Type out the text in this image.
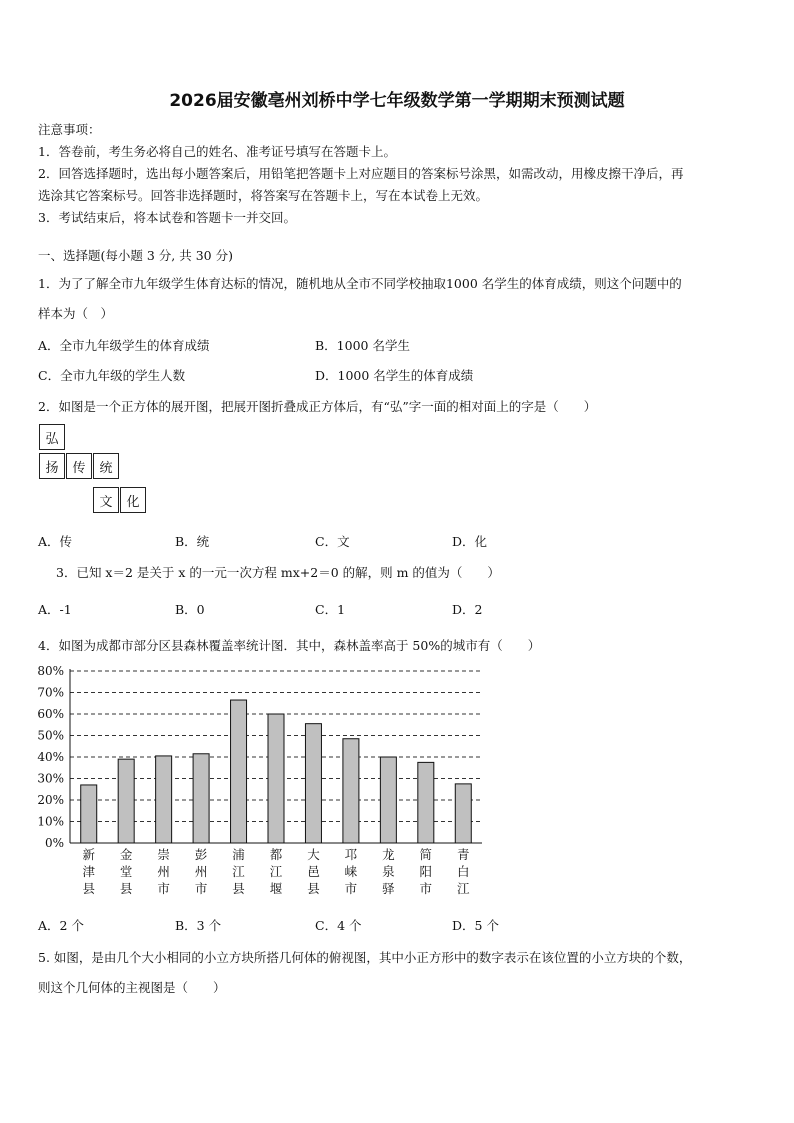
2026届安徽亳州刘桥中学七年级数学第一学期期末预测试题
注意事项：
1．答卷前，考生务必将自己的姓名、准考证号填写在答题卡上。
2．回答选择题时，选出每小题答案后，用铅笔把答题卡上对应题目的答案标号涂黑，如需改动，用橡皮擦干净后，再
选涂其它答案标号。回答非选择题时，将答案写在答题卡上，写在本试卷上无效。
3．考试结束后，将本试卷和答题卡一并交回。
一、选择题(每小题 3 分, 共 30 分)
1．为了了解全市九年级学生体育达标的情况，随机地从全市不同学校抽取1000 名学生的体育成绩，则这个问题中的
样本为（　）
A．全市九年级学生的体育成绩	B．1000 名学生
C．全市九年级的学生人数	D．1000 名学生的体育成绩
2．如图是一个正方体的展开图，把展开图折叠成正方体后，有“弘”字一面的相对面上的字是（　　）
弘
扬	传	统
文	化
A．传	B．统	C．文	D．化
3．已知 x＝2 是关于 x 的一元一次方程 mx+2＝0 的解，则 m 的值为（　　）
A．-1	B．0	C．1	D．2
4．如图为成都市部分区县森林覆盖率统计图．其中，森林盖率高于 50%的城市有（　　）
0%
10%
20%
30%
40%
50%
60%
70%
80%
新津县
金堂县
崇州市
彭州市
浦江县
都江堰
大邑县
邛崃市
龙泉驿
简阳市
青白江
A．2 个	B．3 个	C．4 个	D．5 个
5. 如图，是由几个大小相同的小立方块所搭几何体的俯视图，其中小正方形中的数字表示在该位置的小立方块的个数，
则这个几何体的主视图是（　　）
